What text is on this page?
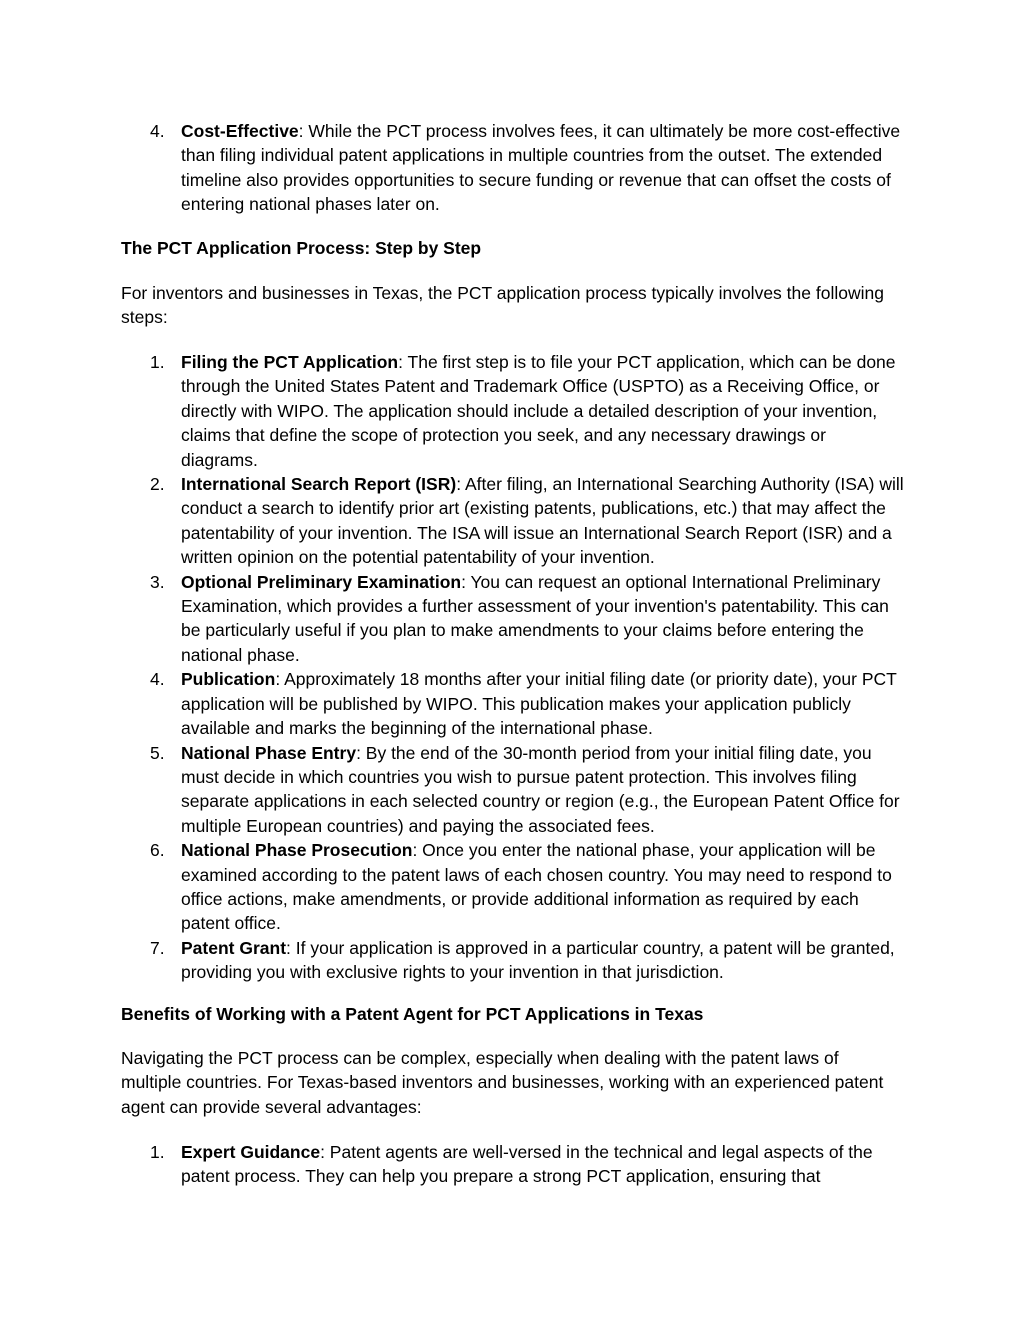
4. Cost-Effective: While the PCT process involves fees, it can ultimately be more cost-effective than filing individual patent applications in multiple countries from the outset. The extended timeline also provides opportunities to secure funding or revenue that can offset the costs of entering national phases later on.
The PCT Application Process: Step by Step

For inventors and businesses in Texas, the PCT application process typically involves the following steps:

1. Filing the PCT Application: The first step is to file your PCT application, which can be done through the United States Patent and Trademark Office (USPTO) as a Receiving Office, or directly with WIPO. The application should include a detailed description of your invention, claims that define the scope of protection you seek, and any necessary drawings or diagrams.
2. International Search Report (ISR): After filing, an International Searching Authority (ISA) will conduct a search to identify prior art (existing patents, publications, etc.) that may affect the patentability of your invention. The ISA will issue an International Search Report (ISR) and a written opinion on the potential patentability of your invention.
3. Optional Preliminary Examination: You can request an optional International Preliminary Examination, which provides a further assessment of your invention's patentability. This can be particularly useful if you plan to make amendments to your claims before entering the national phase.
4. Publication: Approximately 18 months after your initial filing date (or priority date), your PCT application will be published by WIPO. This publication makes your application publicly available and marks the beginning of the international phase.
5. National Phase Entry: By the end of the 30-month period from your initial filing date, you must decide in which countries you wish to pursue patent protection. This involves filing separate applications in each selected country or region (e.g., the European Patent Office for multiple European countries) and paying the associated fees.
6. National Phase Prosecution: Once you enter the national phase, your application will be examined according to the patent laws of each chosen country. You may need to respond to office actions, make amendments, or provide additional information as required by each patent office.
7. Patent Grant: If your application is approved in a particular country, a patent will be granted, providing you with exclusive rights to your invention in that jurisdiction.
Benefits of Working with a Patent Agent for PCT Applications in Texas

Navigating the PCT process can be complex, especially when dealing with the patent laws of multiple countries. For Texas-based inventors and businesses, working with an experienced patent agent can provide several advantages:

1. Expert Guidance: Patent agents are well-versed in the technical and legal aspects of the patent process. They can help you prepare a strong PCT application, ensuring that
